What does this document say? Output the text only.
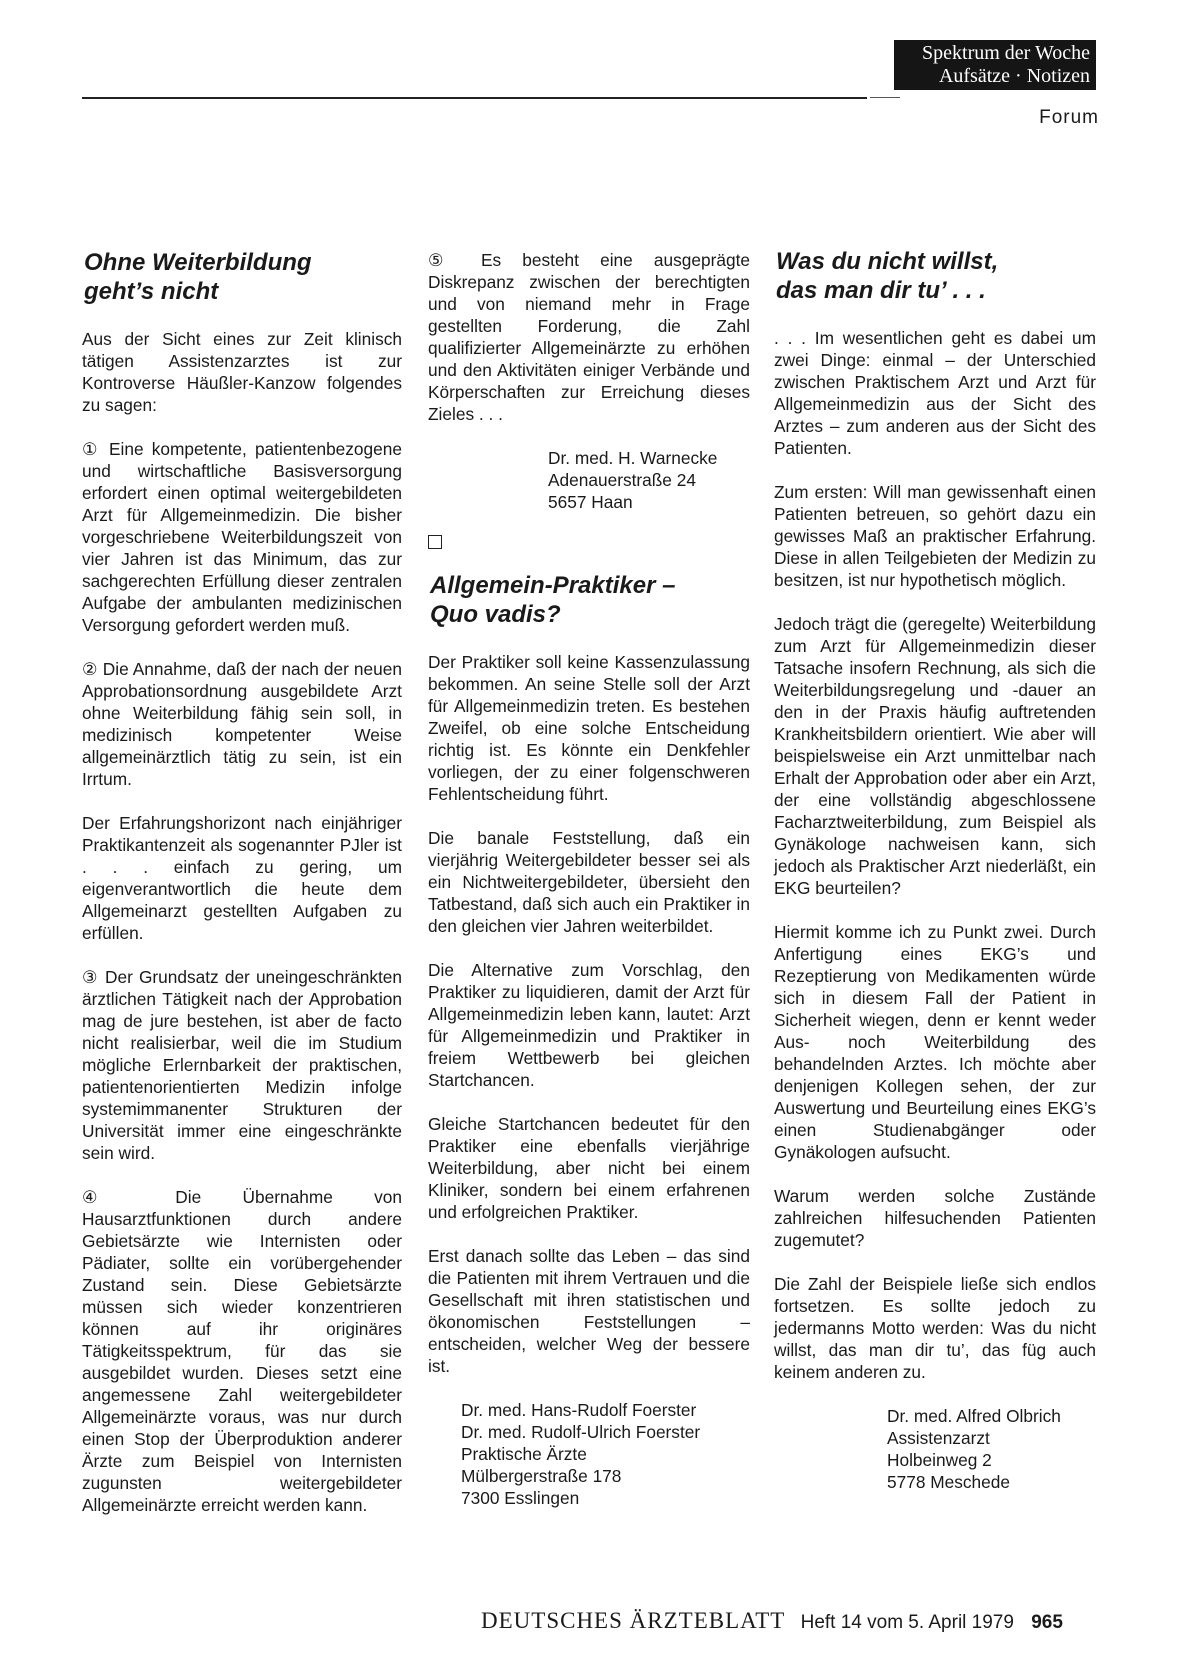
Spektrum der Woche
Aufsätze · Notizen
Forum
Ohne Weiterbildung
geht’s nicht

Aus der Sicht eines zur Zeit klinisch tätigen Assistenzarztes ist zur Kontroverse Häußler-Kanzow folgendes zu sagen:

① Eine kompetente, patientenbezogene und wirtschaftliche Basisversorgung erfordert einen optimal weitergebildeten Arzt für Allgemeinmedizin. Die bisher vorgeschriebene Weiterbildungszeit von vier Jahren ist das Minimum, das zur sachgerechten Erfüllung dieser zentralen Aufgabe der ambulanten medizinischen Versorgung gefordert werden muß.

② Die Annahme, daß der nach der neuen Approbationsordnung ausgebildete Arzt ohne Weiterbildung fähig sein soll, in medizinisch kompetenter Weise allgemeinärztlich tätig zu sein, ist ein Irrtum.

Der Erfahrungshorizont nach einjähriger Praktikantenzeit als sogenannter PJler ist . . . einfach zu gering, um eigenverantwortlich die heute dem Allgemeinarzt gestellten Aufgaben zu erfüllen.

③ Der Grundsatz der uneingeschränkten ärztlichen Tätigkeit nach der Approbation mag de jure bestehen, ist aber de facto nicht realisierbar, weil die im Studium mögliche Erlernbarkeit der praktischen, patientenorientierten Medizin infolge systemimmanenter Strukturen der Universität immer eine eingeschränkte sein wird.

④ Die Übernahme von Hausarztfunktionen durch andere Gebietsärzte wie Internisten oder Pädiater, sollte ein vorübergehender Zustand sein. Diese Gebietsärzte müssen sich wieder konzentrieren können auf ihr originäres Tätigkeitsspektrum, für das sie ausgebildet wurden. Dieses setzt eine angemessene Zahl weitergebildeter Allgemeinärzte voraus, was nur durch einen Stop der Überproduktion anderer Ärzte zum Beispiel von Internisten zugunsten weitergebildeter Allgemeinärzte erreicht werden kann.

⑤ Es besteht eine ausgeprägte Diskrepanz zwischen der berechtigten und von niemand mehr in Frage gestellten Forderung, die Zahl qualifizierter Allgemeinärzte zu erhöhen und den Aktivitäten einiger Verbände und Körperschaften zur Erreichung dieses Zieles . . .

Dr. med. H. Warnecke
Adenauerstraße 24
5657 Haan
Allgemein-Praktiker –
Quo vadis?

Der Praktiker soll keine Kassenzulassung bekommen. An seine Stelle soll der Arzt für Allgemeinmedizin treten. Es bestehen Zweifel, ob eine solche Entscheidung richtig ist. Es könnte ein Denkfehler vorliegen, der zu einer folgenschweren Fehlentscheidung führt.

Die banale Feststellung, daß ein vierjährig Weitergebildeter besser sei als ein Nichtweitergebildeter, übersieht den Tatbestand, daß sich auch ein Praktiker in den gleichen vier Jahren weiterbildet.

Die Alternative zum Vorschlag, den Praktiker zu liquidieren, damit der Arzt für Allgemeinmedizin leben kann, lautet: Arzt für Allgemeinmedizin und Praktiker in freiem Wettbewerb bei gleichen Startchancen.

Gleiche Startchancen bedeutet für den Praktiker eine ebenfalls vierjährige Weiterbildung, aber nicht bei einem Kliniker, sondern bei einem erfahrenen und erfolgreichen Praktiker.

Erst danach sollte das Leben – das sind die Patienten mit ihrem Vertrauen und die Gesellschaft mit ihren statistischen und ökonomischen Feststellungen – entscheiden, welcher Weg der bessere ist.

Dr. med. Hans-Rudolf Foerster
Dr. med. Rudolf-Ulrich Foerster
Praktische Ärzte
Mülbergerstraße 178
7300 Esslingen
Was du nicht willst,
das man dir tu’ . . .

. . . Im wesentlichen geht es dabei um zwei Dinge: einmal – der Unterschied zwischen Praktischem Arzt und Arzt für Allgemeinmedizin aus der Sicht des Arztes – zum anderen aus der Sicht des Patienten.

Zum ersten: Will man gewissenhaft einen Patienten betreuen, so gehört dazu ein gewisses Maß an praktischer Erfahrung. Diese in allen Teilgebieten der Medizin zu besitzen, ist nur hypothetisch möglich.

Jedoch trägt die (geregelte) Weiterbildung zum Arzt für Allgemeinmedizin dieser Tatsache insofern Rechnung, als sich die Weiterbildungsregelung und -dauer an den in der Praxis häufig auftretenden Krankheitsbildern orientiert. Wie aber will beispielsweise ein Arzt unmittelbar nach Erhalt der Approbation oder aber ein Arzt, der eine vollständig abgeschlossene Facharztweiterbildung, zum Beispiel als Gynäkologe nachweisen kann, sich jedoch als Praktischer Arzt niederläßt, ein EKG beurteilen?

Hiermit komme ich zu Punkt zwei. Durch Anfertigung eines EKG’s und Rezeptierung von Medikamenten würde sich in diesem Fall der Patient in Sicherheit wiegen, denn er kennt weder Aus- noch Weiterbildung des behandelnden Arztes. Ich möchte aber denjenigen Kollegen sehen, der zur Auswertung und Beurteilung eines EKG’s einen Studienabgänger oder Gynäkologen aufsucht.

Warum werden solche Zustände zahlreichen hilfesuchenden Patienten zugemutet?

Die Zahl der Beispiele ließe sich endlos fortsetzen. Es sollte jedoch zu jedermanns Motto werden: Was du nicht willst, das man dir tu’, das füg auch keinem anderen zu.

Dr. med. Alfred Olbrich
Assistenzarzt
Holbeinweg 2
5778 Meschede
DEUTSCHES ÄRZTEBLATT Heft 14 vom 5. April 1979 965
